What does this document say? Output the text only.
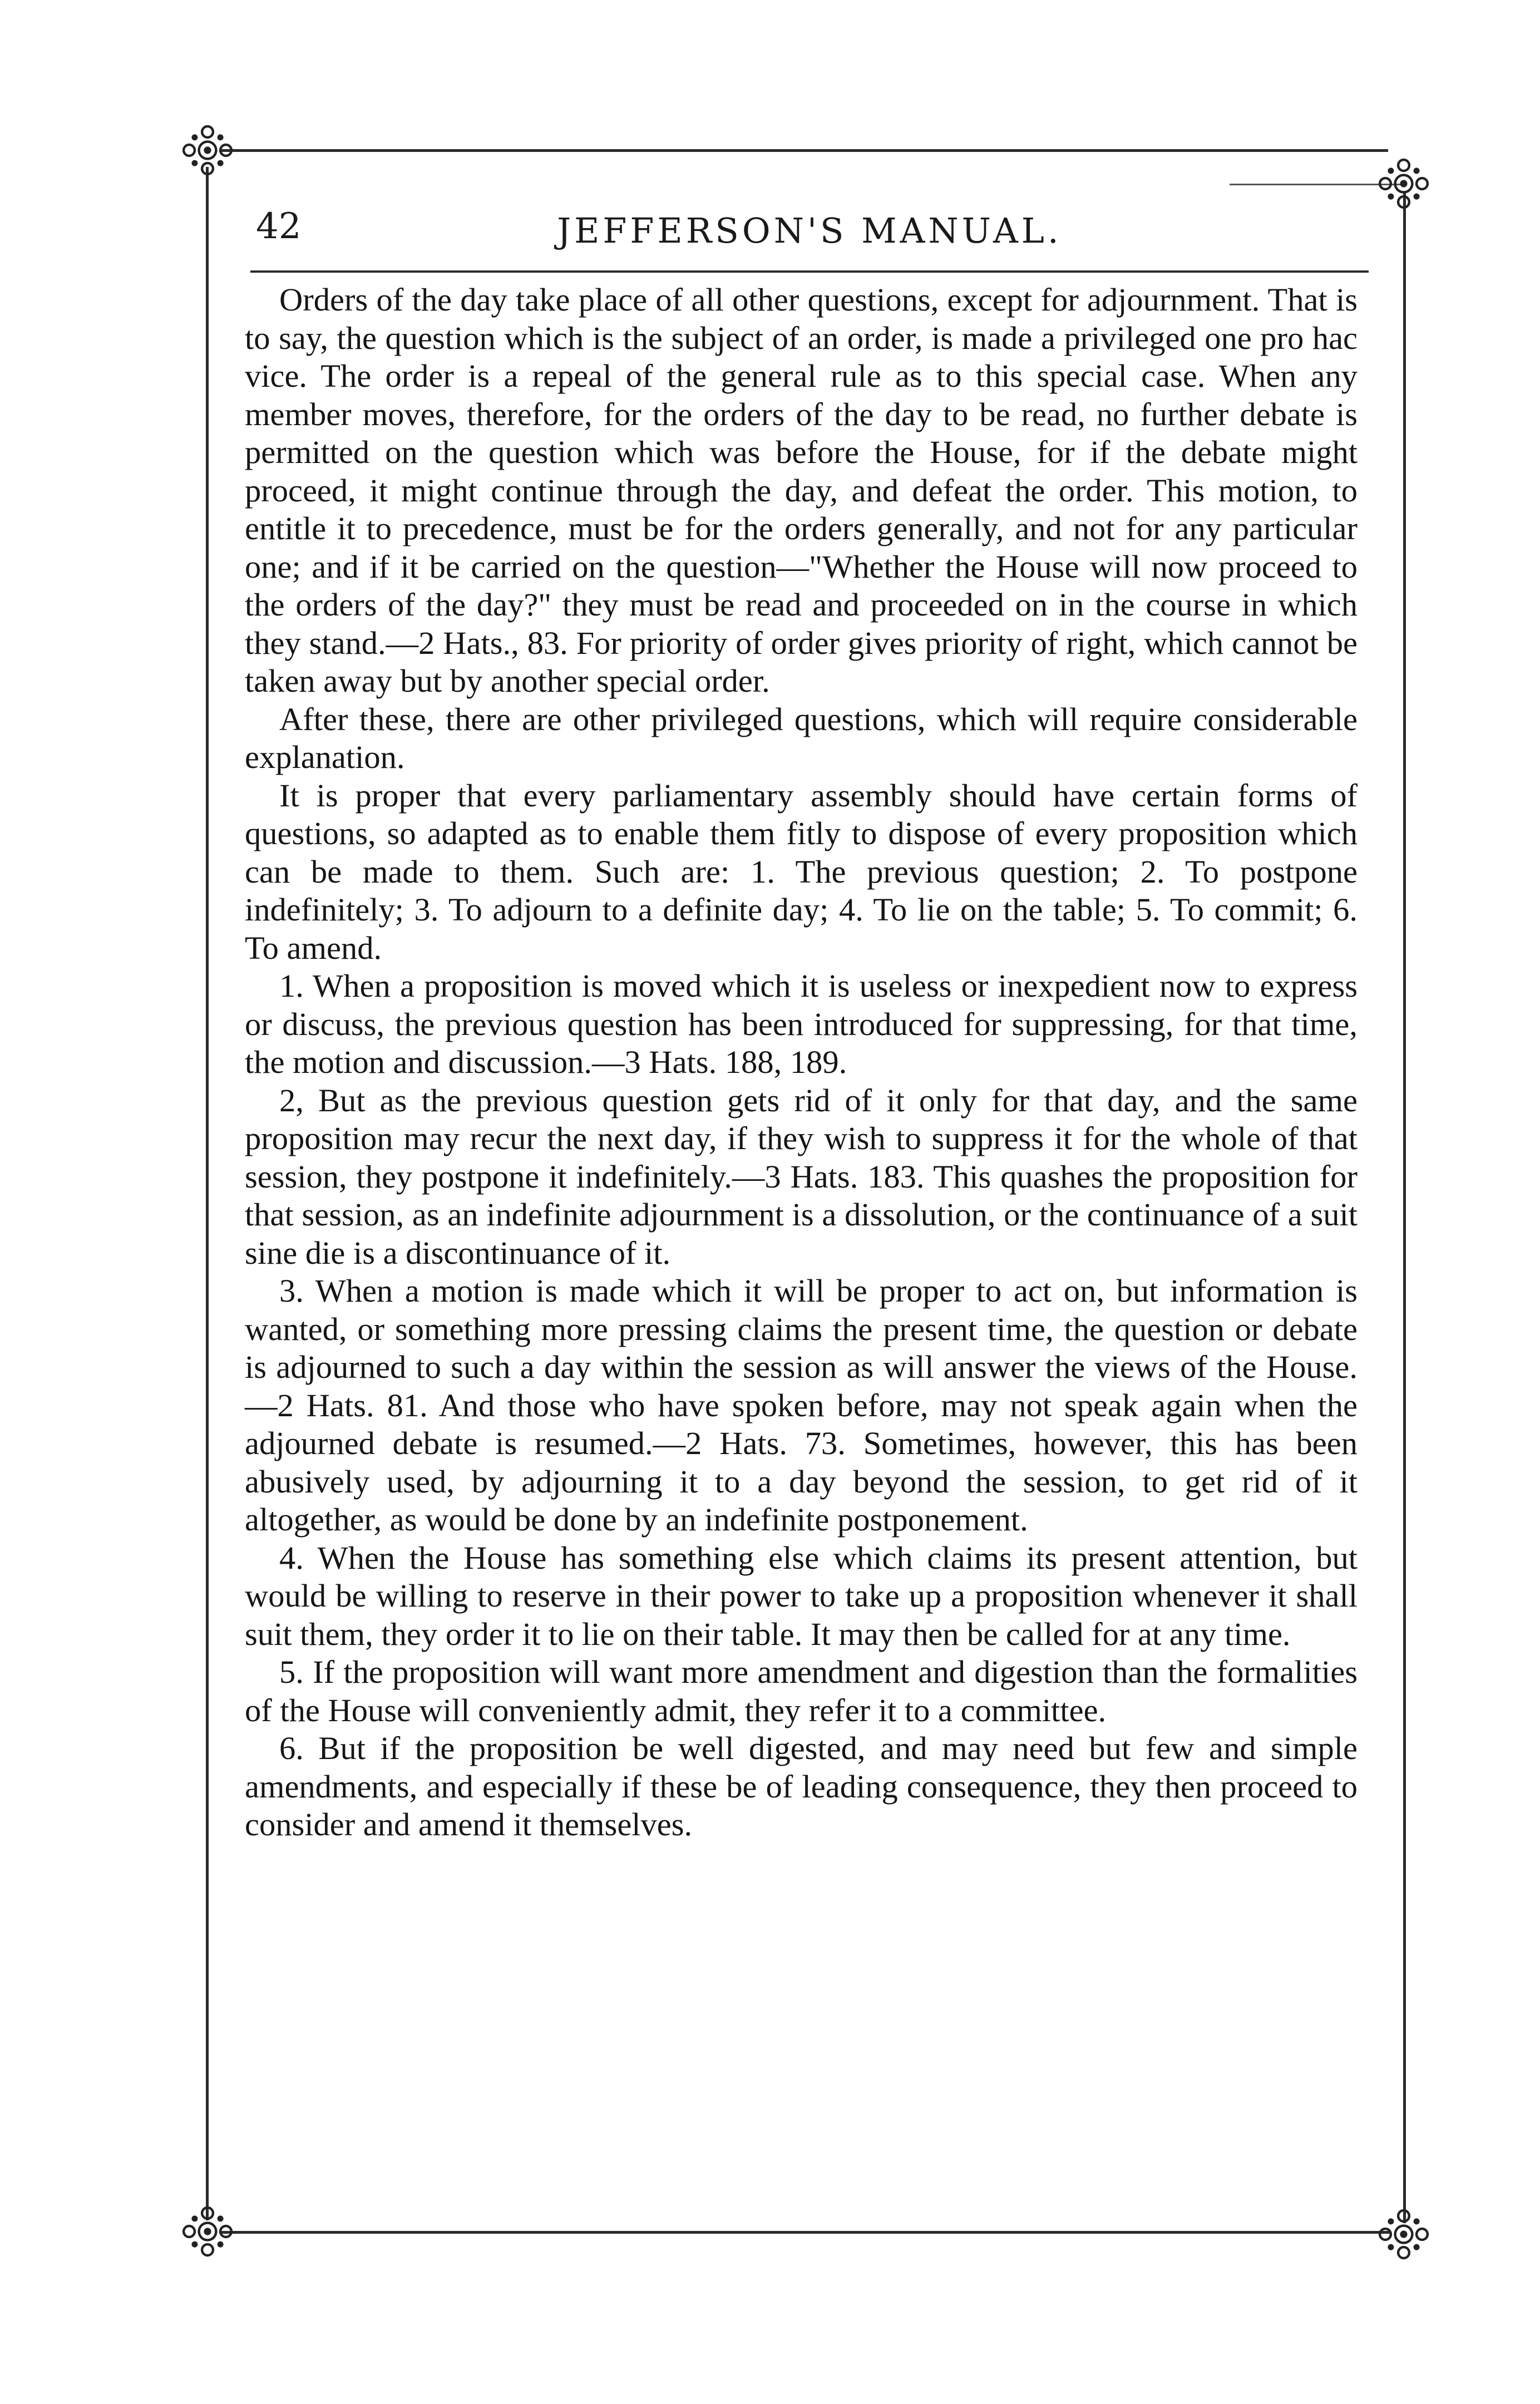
42	JEFFERSON'S MANUAL.

Orders of the day take place of all other questions, except for adjournment. That is to say, the question which is the subject of an order, is made a privileged one pro hac vice. The order is a repeal of the general rule as to this special case. When any member moves, therefore, for the orders of the day to be read, no further debate is permitted on the question which was before the House, for if the debate might proceed, it might continue through the day, and defeat the order. This motion, to entitle it to precedence, must be for the orders generally, and not for any particular one; and if it be carried on the question—"Whether the House will now proceed to the orders of the day?" they must be read and proceeded on in the course in which they stand.—2 Hats., 83. For priority of order gives priority of right, which cannot be taken away but by another special order.

After these, there are other privileged questions, which will require considerable explanation.

It is proper that every parliamentary assembly should have certain forms of questions, so adapted as to enable them fitly to dispose of every proposition which can be made to them. Such are: 1. The previous question; 2. To postpone indefinitely; 3. To adjourn to a definite day; 4. To lie on the table; 5. To commit; 6. To amend.

1. When a proposition is moved which it is useless or inexpedient now to express or discuss, the previous question has been introduced for suppressing, for that time, the motion and discussion.—3 Hats. 188, 189.

2, But as the previous question gets rid of it only for that day, and the same proposition may recur the next day, if they wish to suppress it for the whole of that session, they postpone it indefinitely.—3 Hats. 183. This quashes the proposition for that session, as an indefinite adjournment is a dissolution, or the continuance of a suit sine die is a discontinuance of it.

3. When a motion is made which it will be proper to act on, but information is wanted, or something more pressing claims the present time, the question or debate is adjourned to such a day within the session as will answer the views of the House.—2 Hats. 81. And those who have spoken before, may not speak again when the adjourned debate is resumed.—2 Hats. 73. Sometimes, however, this has been abusively used, by adjourning it to a day beyond the session, to get rid of it altogether, as would be done by an indefinite postponement.

4. When the House has something else which claims its present attention, but would be willing to reserve in their power to take up a proposition whenever it shall suit them, they order it to lie on their table. It may then be called for at any time.

5. If the proposition will want more amendment and digestion than the formalities of the House will conveniently admit, they refer it to a committee.

6. But if the proposition be well digested, and may need but few and simple amendments, and especially if these be of leading consequence, they then proceed to consider and amend it themselves.
